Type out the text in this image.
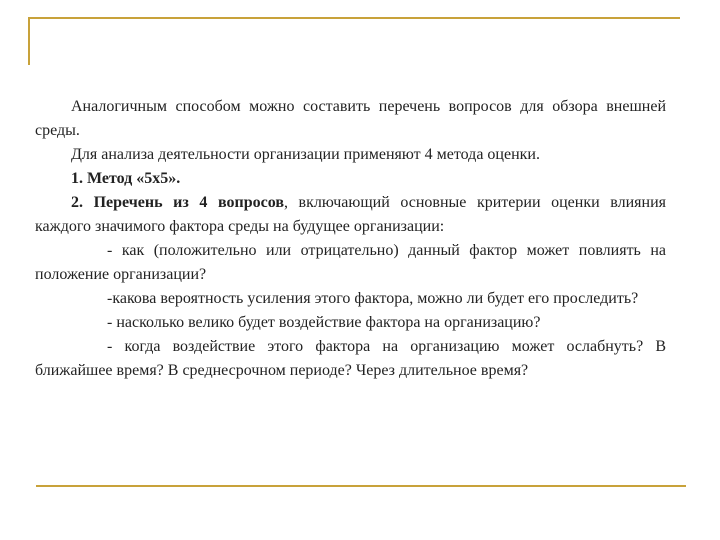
Аналогичным способом можно составить перечень вопросов для обзора внешней среды.

Для анализа деятельности организации применяют 4 метода оценки.

1. Метод «5х5».

2. Перечень из 4 вопросов, включающий основные критерии оценки влияния каждого значимого фактора среды на будущее организации:

- как (положительно или отрицательно) данный фактор может повлиять на положение организации?

-какова вероятность усиления этого фактора, можно ли будет его проследить?

- насколько велико будет воздействие фактора на организацию?

- когда воздействие этого фактора на организацию может ослабнуть? В ближайшее время? В среднесрочном периоде? Через длительное время?
